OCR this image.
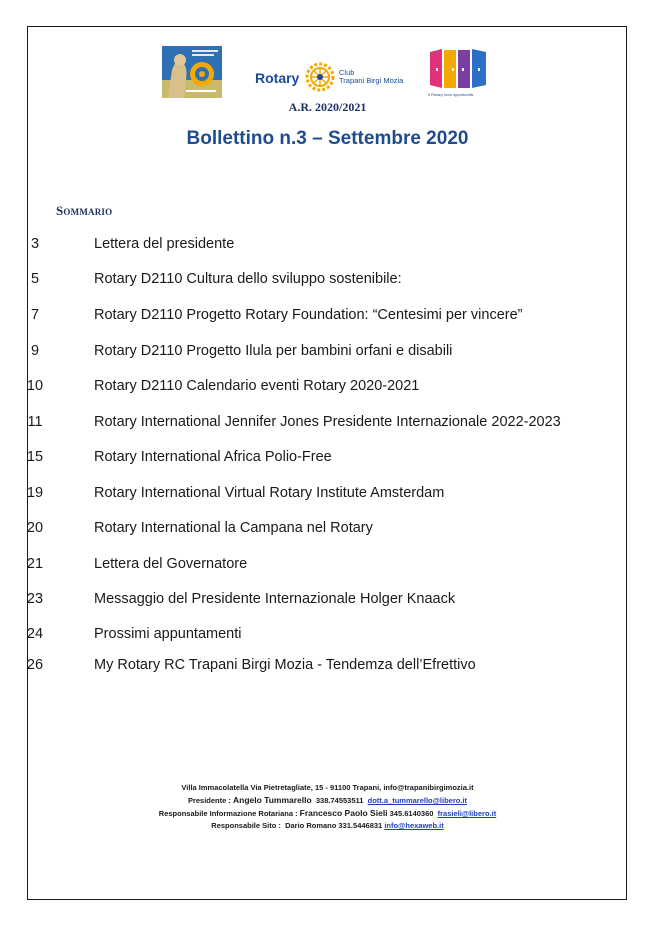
Rotary	Club
Trapani Birgi Mozia
Il Rotary crea opportunità
A.R. 2020/2021
Bollettino n.3 – Settembre 2020
Sommario
3	Lettera del presidente
5	Rotary D2110 Cultura dello sviluppo sostenibile:
7	Rotary D2110 Progetto Rotary Foundation: “Centesimi per vincere”
9	Rotary D2110 Progetto Ilula per bambini orfani e disabili
10	Rotary D2110 Calendario eventi Rotary 2020-2021
11	Rotary International Jennifer Jones Presidente Internazionale 2022-2023
15	Rotary International Africa Polio-Free
19	Rotary International Virtual Rotary Institute Amsterdam
20	Rotary International la Campana nel Rotary
21	Lettera del Governatore
23	Messaggio del Presidente Internazionale Holger Knaack
24	Prossimi appuntamenti
26	My Rotary RC Trapani Birgi Mozia - Tendemza dell’Efrettivo
Villa Immacolatella Via Pietretagliate, 15 - 91100 Trapani, info@trapanibirgimozia.it
Presidente : Angelo Tummarello 338.74553511 dott.a_tummarello@libero.it
Responsabile Informazione Rotariana : Francesco Paolo Sieli 345.6140360 frasieli@libero.it
Responsabile Sito : Dario Romano 331.5446831 info@hexaweb.it
